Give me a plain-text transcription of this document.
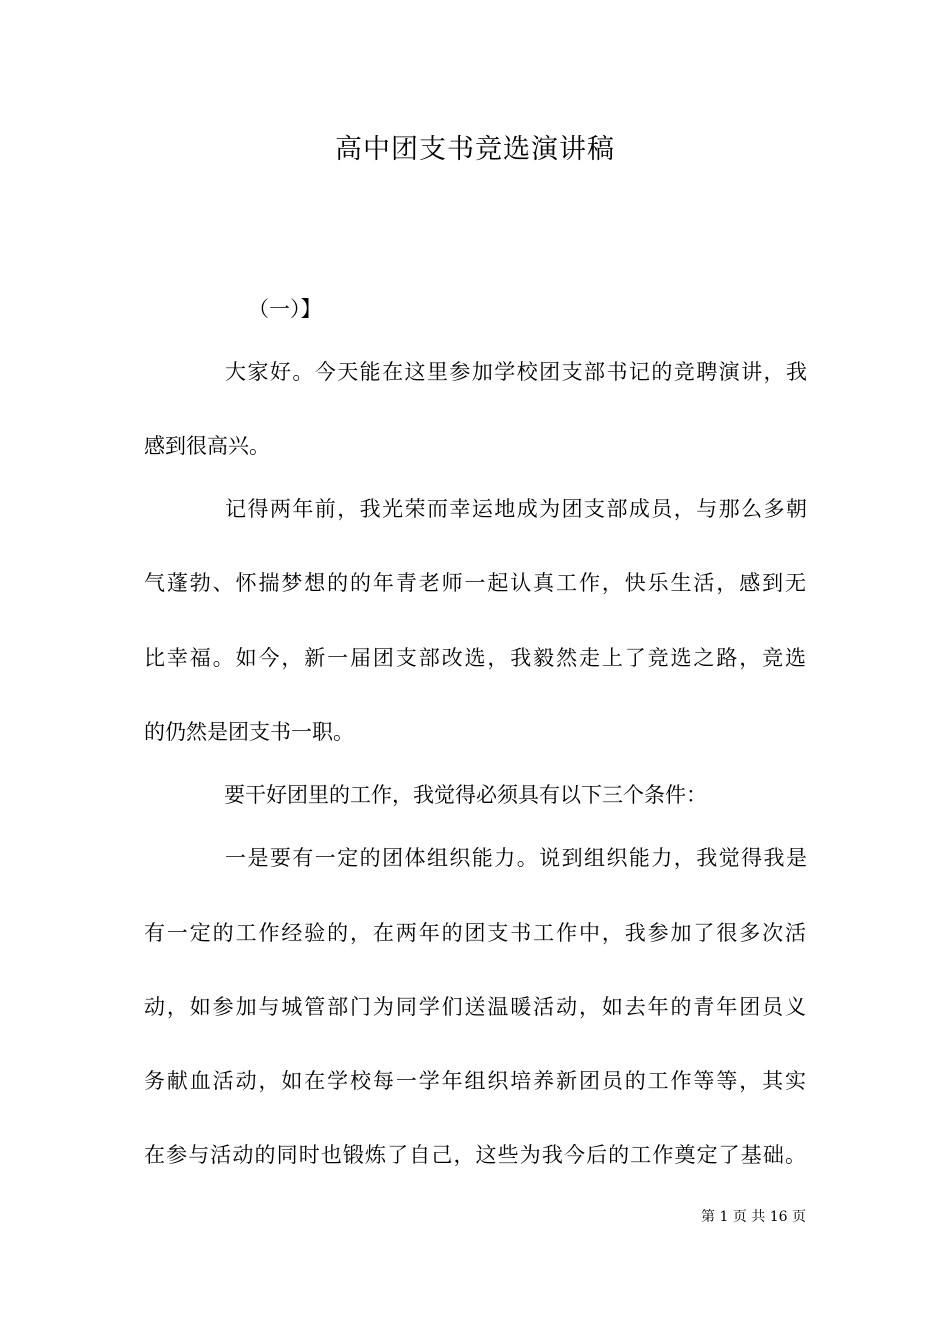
高中团支书竞选演讲稿
（一）】
大家好。今天能在这里参加学校团支部书记的竞聘演讲，我
感到很高兴。
记得两年前，我光荣而幸运地成为团支部成员，与那么多朝
气蓬勃、怀揣梦想的的年青老师一起认真工作，快乐生活，感到无
比幸福。如今，新一届团支部改选，我毅然走上了竞选之路，竞选
的仍然是团支书一职。
要干好团里的工作，我觉得必须具有以下三个条件：
一是要有一定的团体组织能力。说到组织能力，我觉得我是
有一定的工作经验的，在两年的团支书工作中，我参加了很多次活
动，如参加与城管部门为同学们送温暖活动，如去年的青年团员义
务献血活动，如在学校每一学年组织培养新团员的工作等等，其实
在参与活动的同时也锻炼了自己，这些为我今后的工作奠定了基础。
第 1 页 共 16 页
